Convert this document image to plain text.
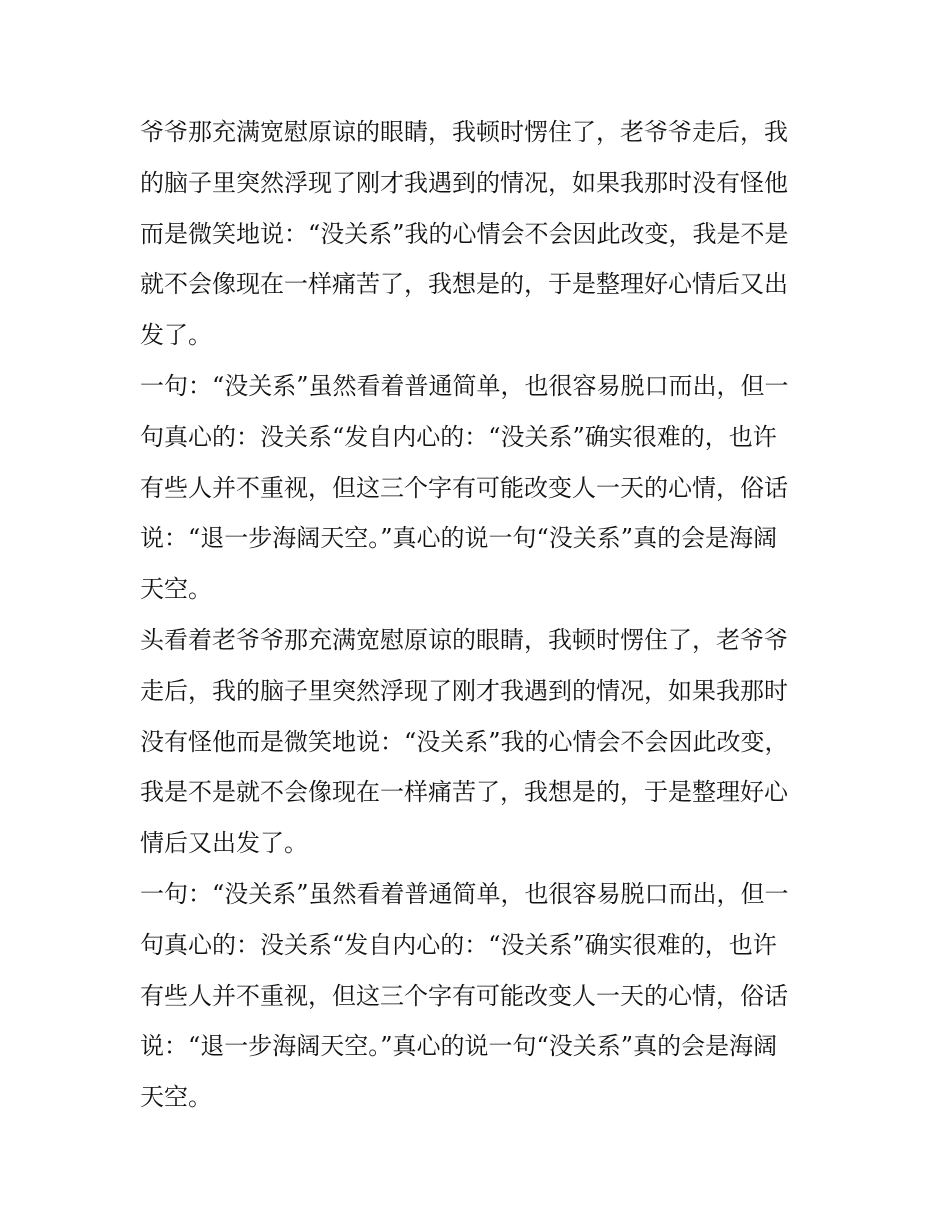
爷爷那充满宽慰原谅的眼睛，我顿时愣住了，老爷爷走后，我
的脑子里突然浮现了刚才我遇到的情况，如果我那时没有怪他
而是微笑地说：“没关系”我的心情会不会因此改变，我是不是
就不会像现在一样痛苦了，我想是的，于是整理好心情后又出
发了。
一句：“没关系”虽然看着普通简单，也很容易脱口而出，但一
句真心的：没关系“发自内心的：“没关系”确实很难的，也许
有些人并不重视，但这三个字有可能改变人一天的心情，俗话
说：“退一步海阔天空。”真心的说一句“没关系”真的会是海阔
天空。
头看着老爷爷那充满宽慰原谅的眼睛，我顿时愣住了，老爷爷
走后，我的脑子里突然浮现了刚才我遇到的情况，如果我那时
没有怪他而是微笑地说：“没关系”我的心情会不会因此改变，
我是不是就不会像现在一样痛苦了，我想是的，于是整理好心
情后又出发了。
一句：“没关系”虽然看着普通简单，也很容易脱口而出，但一
句真心的：没关系“发自内心的：“没关系”确实很难的，也许
有些人并不重视，但这三个字有可能改变人一天的心情，俗话
说：“退一步海阔天空。”真心的说一句“没关系”真的会是海阔
天空。
